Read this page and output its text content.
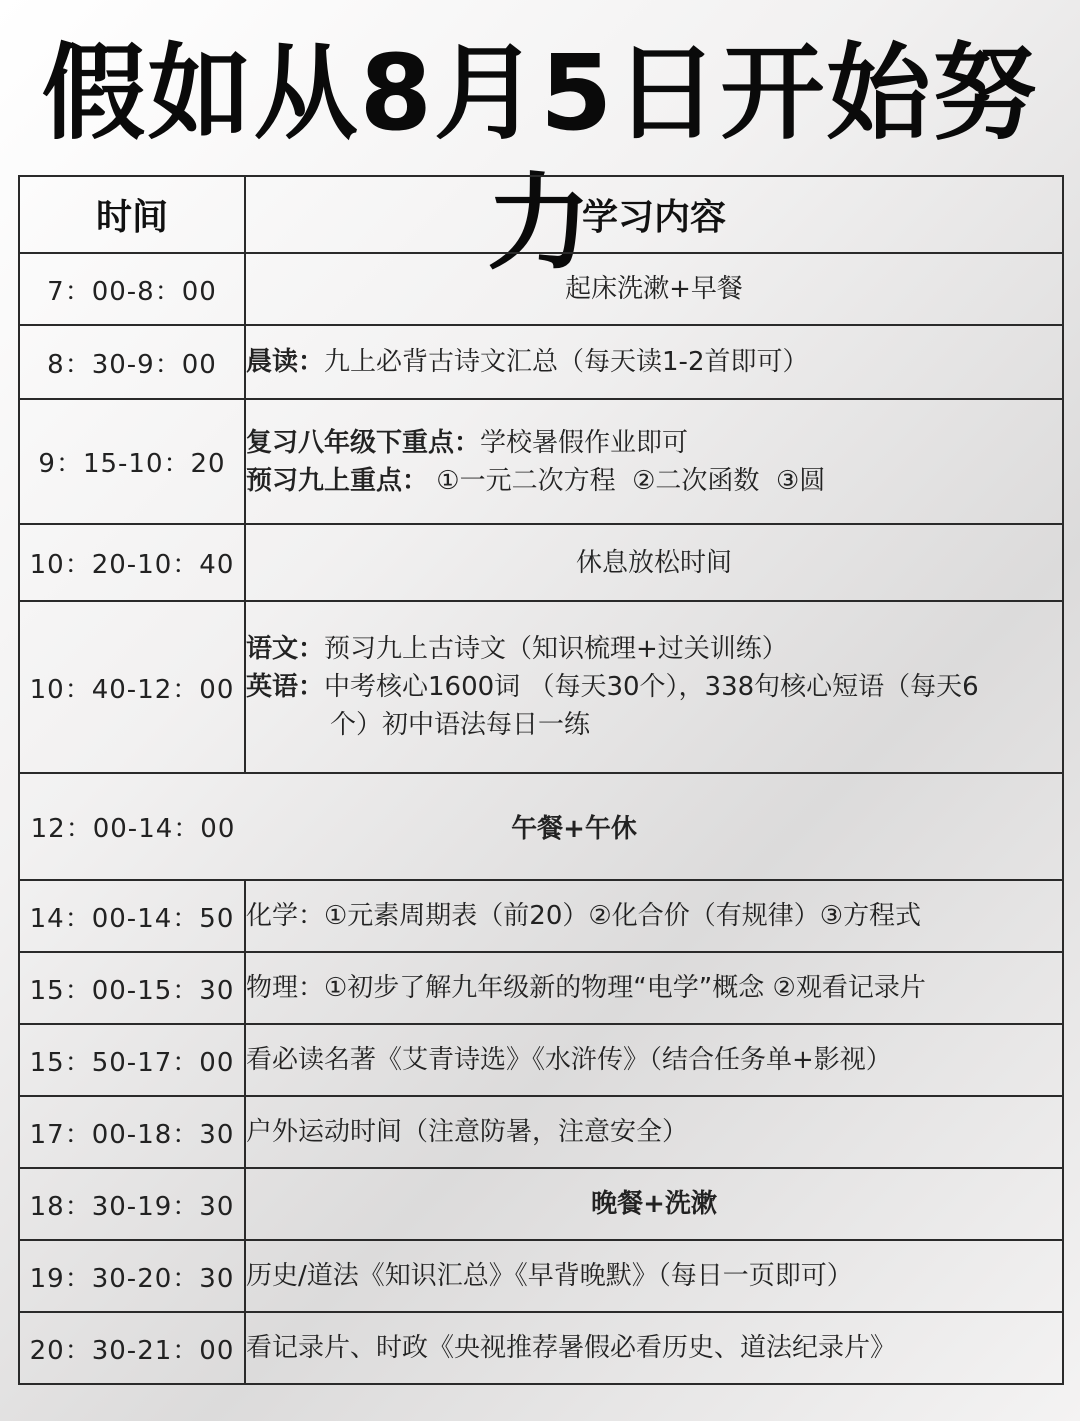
假如从8月5日开始努力
时间	学习内容
7：00-8：00	起床洗漱+早餐
8：30-9：00	晨读：九上必背古诗文汇总（每天读1-2首即可）
9：15-10：20	复习八年级下重点：学校暑假作业即可
预习九上重点： ①一元二次方程  ②二次函数  ③圆

10：20-10：40	休息放松时间
10：40-12：00	语文：预习九上古诗文（知识梳理+过关训练）
英语：中考核心1600词 （每天30个），338句核心短语（每天6
个）初中语法每日一练

12：00-14：00 午餐+午休	

14：00-14：50	化学：①元素周期表（前20）②化合价（有规律）③方程式
15：00-15：30	物理：①初步了解九年级新的物理“电学”概念 ②观看记录片
15：50-17：00	看必读名著《艾青诗选》《水浒传》（结合任务单+影视）
17：00-18：30	户外运动时间（注意防暑，注意安全）
18：30-19：30	晚餐+洗漱
19：30-20：30	历史/道法《知识汇总》《早背晚默》（每日一页即可）
20：30-21：00	看记录片、时政《央视推荐暑假必看历史、道法纪录片》
